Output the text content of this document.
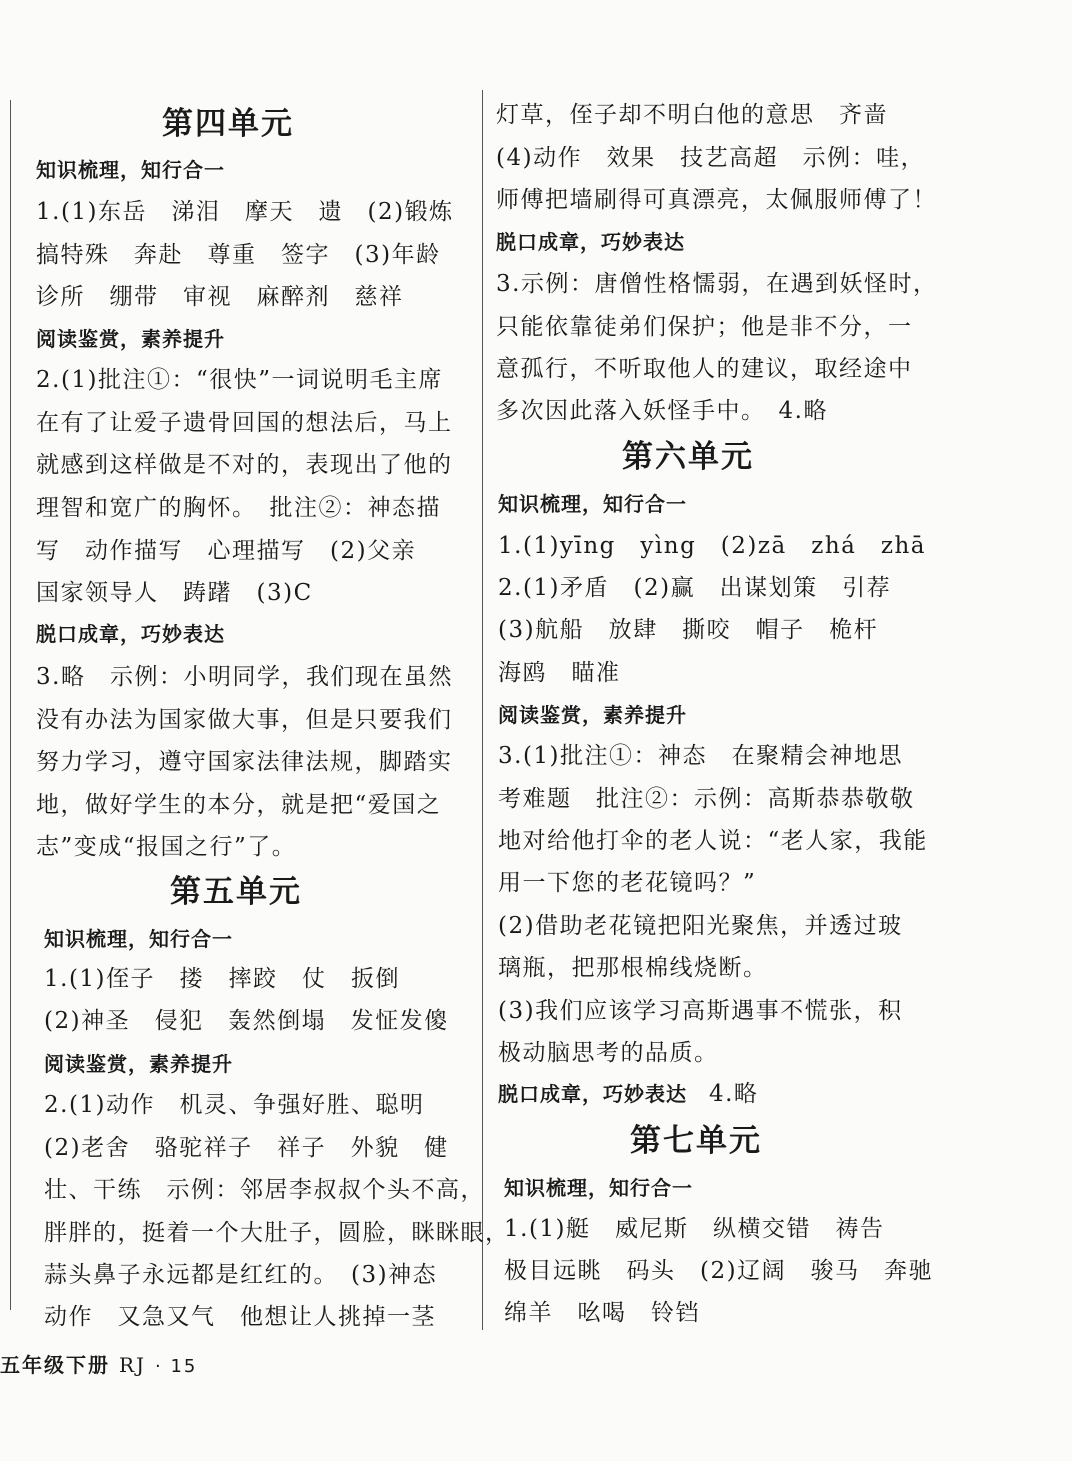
第四单元
知识梳理，知行合一
1.(1)东岳　涕泪　摩天　遗　(2)锻炼
搞特殊　奔赴　尊重　签字　(3)年龄
诊所　绷带　审视　麻醉剂　慈祥
阅读鉴赏，素养提升
2.(1)批注①：“很快”一词说明毛主席
在有了让爱子遗骨回国的想法后，马上
就感到这样做是不对的，表现出了他的
理智和宽广的胸怀。　批注②：神态描
写　动作描写　心理描写　(2)父亲
国家领导人　踌躇　(3)C
脱口成章，巧妙表达
3.略　示例：小明同学，我们现在虽然
没有办法为国家做大事，但是只要我们
努力学习，遵守国家法律法规，脚踏实
地，做好学生的本分，就是把“爱国之
志”变成“报国之行”了。
第五单元
知识梳理，知行合一
1.(1)侄子　搂　摔跤　仗　扳倒
(2)神圣　侵犯　轰然倒塌　发怔发傻
阅读鉴赏，素养提升
2.(1)动作　机灵、争强好胜、聪明
(2)老舍　骆驼祥子　祥子　外貌　健
壮、干练　示例：邻居李叔叔个头不高，
胖胖的，挺着一个大肚子，圆脸，眯眯眼，
蒜头鼻子永远都是红红的。　(3)神态
动作　又急又气　他想让人挑掉一茎
灯草，侄子却不明白他的意思　齐啬
(4)动作　效果　技艺高超　示例：哇，
师傅把墙刷得可真漂亮，太佩服师傅了！
脱口成章，巧妙表达
3.示例：唐僧性格懦弱，在遇到妖怪时，
只能依靠徒弟们保护；他是非不分，一
意孤行，不听取他人的建议，取经途中
多次因此落入妖怪手中。　4.略
第六单元
知识梳理，知行合一
1.(1)yīng　yìng　(2)zā　zhá　zhā
2.(1)矛盾　(2)赢　出谋划策　引荐
(3)航船　放肆　撕咬　帽子　桅杆
海鸥　瞄准
阅读鉴赏，素养提升
3.(1)批注①：神态　在聚精会神地思
考难题　批注②：示例：高斯恭恭敬敬
地对给他打伞的老人说：“老人家，我能
用一下您的老花镜吗？”
(2)借助老花镜把阳光聚焦，并透过玻
璃瓶，把那根棉线烧断。
(3)我们应该学习高斯遇事不慌张，积
极动脑思考的品质。
脱口成章，巧妙表达 4.略
第七单元
知识梳理，知行合一
1.(1)艇　威尼斯　纵横交错　祷告
极目远眺　码头　(2)辽阔　骏马　奔驰
绵羊　吆喝　铃铛
五年级下册 RJ · 15
